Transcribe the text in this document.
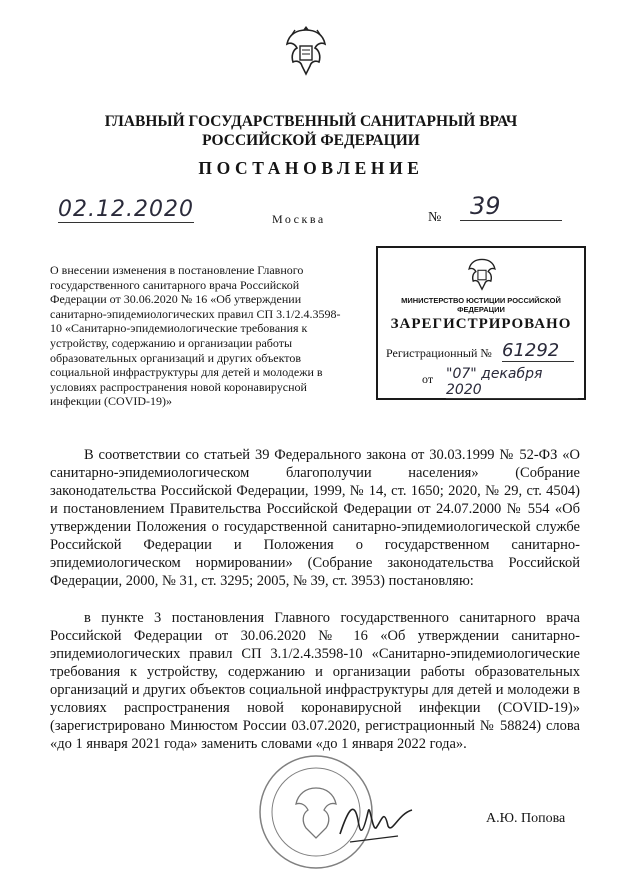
ГЛАВНЫЙ ГОСУДАРСТВЕННЫЙ САНИТАРНЫЙ ВРАЧ
РОССИЙСКОЙ ФЕДЕРАЦИИ
ПОСТАНОВЛЕНИЕ
02.12.2020	Москва	№	39
О внесении изменения в постановление Главного государственного санитарного врача Российской Федерации от 30.06.2020 № 16 «Об утверждении санитарно-эпидемиологических правил СП 3.1/2.4.3598-10 «Санитарно-эпидемиологические требования к устройству, содержанию и организации работы образовательных организаций и других объектов социальной инфраструктуры для детей и молодежи в условиях распространения новой коронавирусной инфекции (COVID-19)»
МИНИСТЕРСТВО ЮСТИЦИИ РОССИЙСКОЙ ФЕДЕРАЦИИ
ЗАРЕГИСТРИРОВАНО
Регистрационный № 61292
от "07" декабря 2020
В соответствии со статьей 39 Федерального закона от 30.03.1999 № 52-ФЗ «О санитарно-эпидемиологическом благополучии населения» (Собрание законодательства Российской Федерации, 1999, № 14, ст. 1650; 2020, № 29, ст. 4504) и постановлением Правительства Российской Федерации от 24.07.2000 № 554 «Об утверждении Положения о государственной санитарно-эпидемиологической службе Российской Федерации и Положения о государственном санитарно-эпидемиологическом нормировании» (Собрание законодательства Российской Федерации, 2000, № 31, ст. 3295; 2005, № 39, ст. 3953) постановляю:
в пункте 3 постановления Главного государственного санитарного врача Российской Федерации от 30.06.2020 № 16 «Об утверждении санитарно-эпидемиологических правил СП 3.1/2.4.3598-10 «Санитарно-эпидемиологические требования к устройству, содержанию и организации работы образовательных организаций и других объектов социальной инфраструктуры для детей и молодежи в условиях распространения новой коронавирусной инфекции (COVID-19)» (зарегистрировано Минюстом России 03.07.2020, регистрационный № 58824) слова «до 1 января 2021 года» заменить словами «до 1 января 2022 года».
А.Ю. Попова
